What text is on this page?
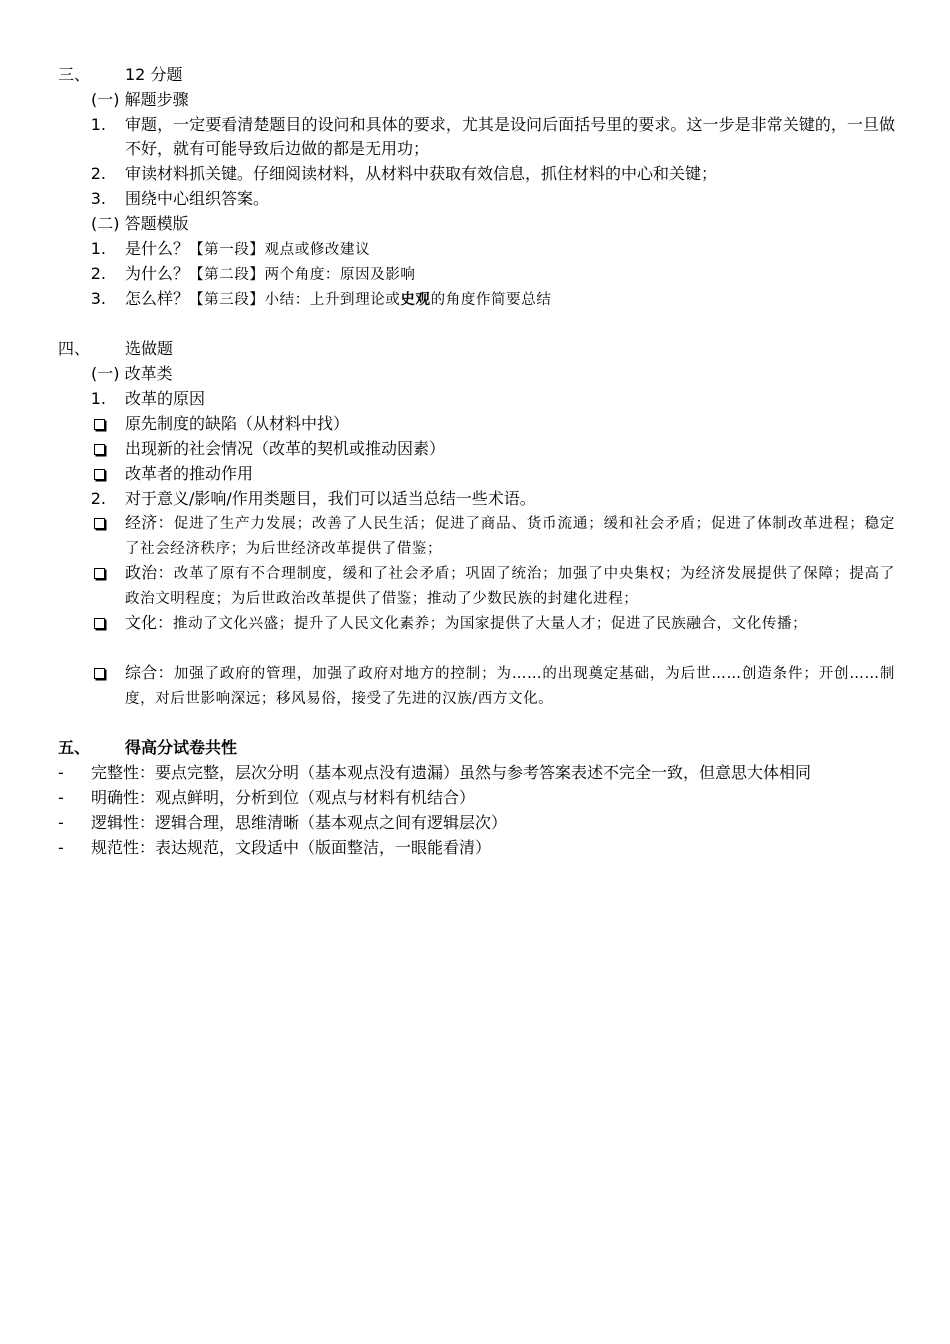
三、 12 分题
(一) 解题步骤
1. 审题，一定要看清楚题目的设问和具体的要求，尤其是设问后面括号里的要求。这一步是非常关键的，一旦做不好，就有可能导致后边做的都是无用功；
2. 审读材料抓关键。仔细阅读材料，从材料中获取有效信息，抓住材料的中心和关键；
3. 围绕中心组织答案。
(二) 答题模版
1. 是什么？【第一段】观点或修改建议
2. 为什么？【第二段】两个角度：原因及影响
3. 怎么样？【第三段】小结：上升到理论或史观的角度作简要总结
四、 选做题
(一) 改革类
1. 改革的原因
原先制度的缺陷（从材料中找）
出现新的社会情况（改革的契机或推动因素）
改革者的推动作用
2. 对于意义/影响/作用类题目，我们可以适当总结一些术语。
经济：促进了生产力发展；改善了人民生活；促进了商品、货币流通；缓和社会矛盾；促进了体制改革进程；稳定了社会经济秩序；为后世经济改革提供了借鉴；
政治：改革了原有不合理制度，缓和了社会矛盾；巩固了统治；加强了中央集权；为经济发展提供了保障；提高了政治文明程度；为后世政治改革提供了借鉴；推动了少数民族的封建化进程；
文化：推动了文化兴盛；提升了人民文化素养；为国家提供了大量人才；促进了民族融合，文化传播；
综合：加强了政府的管理，加强了政府对地方的控制；为……的出现奠定基础，为后世……创造条件；开创……制度，对后世影响深远；移风易俗，接受了先进的汉族/西方文化。
五、 得高分试卷共性
- 完整性：要点完整，层次分明（基本观点没有遗漏）虽然与参考答案表述不完全一致，但意思大体相同
- 明确性：观点鲜明，分析到位（观点与材料有机结合）
- 逻辑性：逻辑合理，思维清晰（基本观点之间有逻辑层次）
- 规范性：表达规范，文段适中（版面整洁，一眼能看清）
